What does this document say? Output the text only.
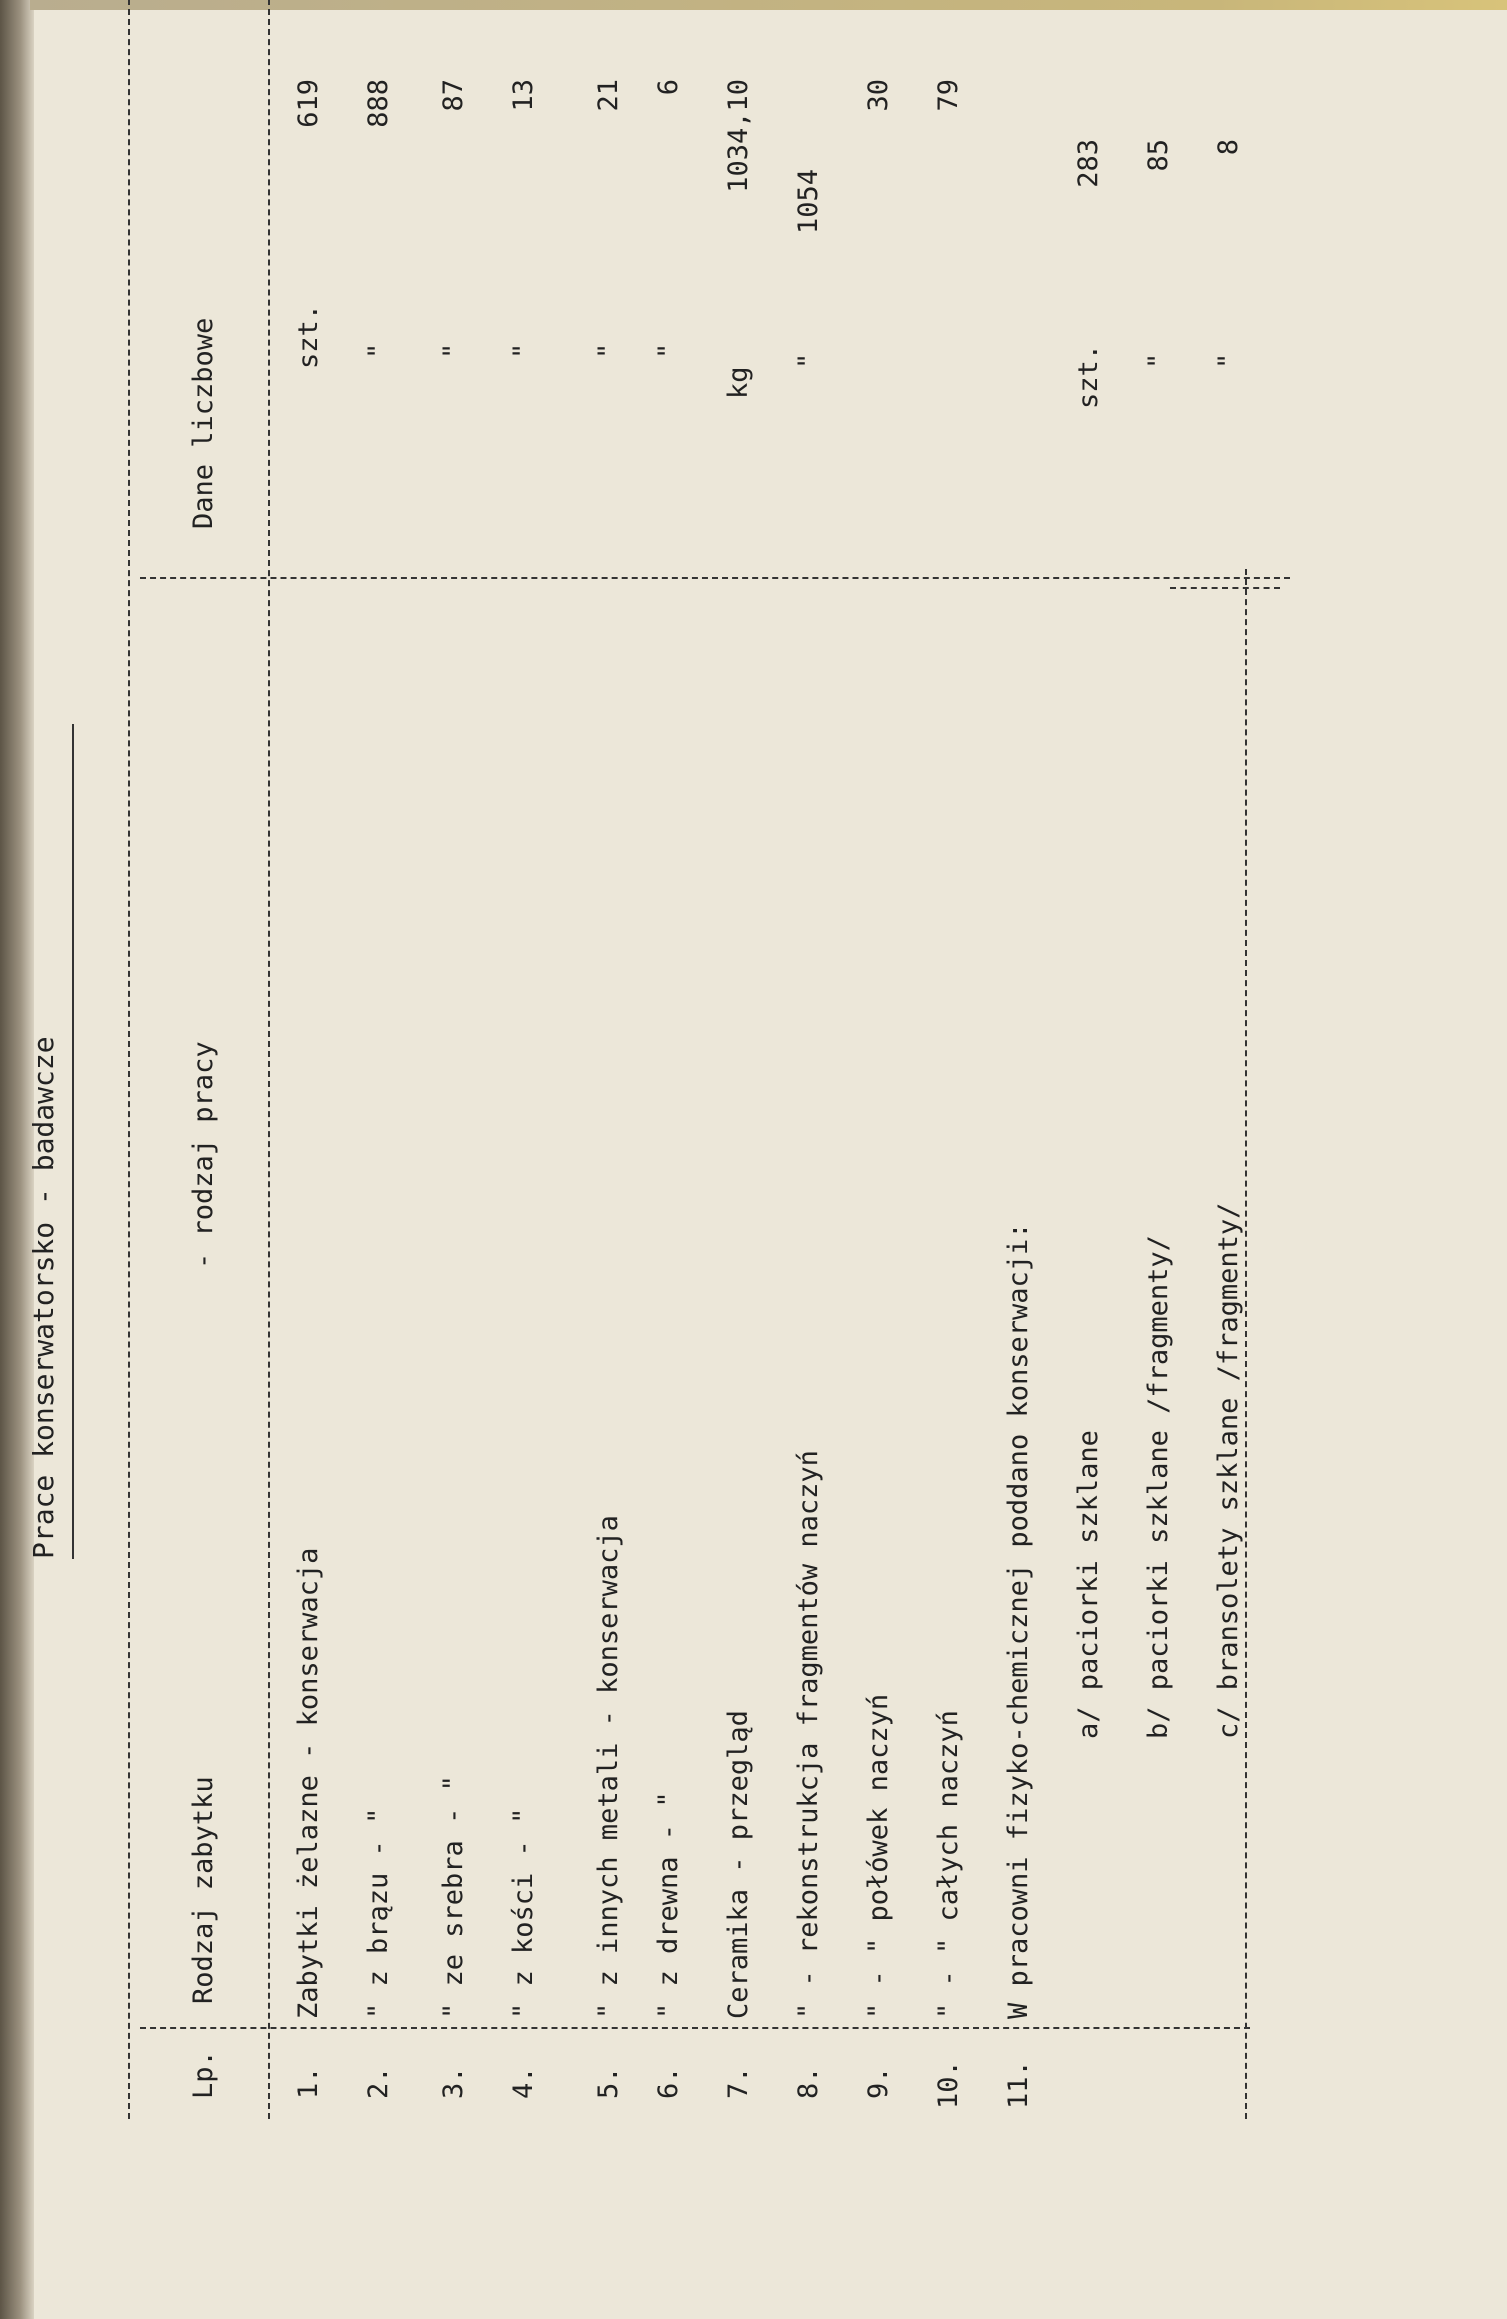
Prace konserwatorsko - badawcze
Lp.
Rodzaj zabytku
- rodzaj pracy
Dane liczbowe
1.
Zabytki żelazne - konserwacja
szt.
619
2.
" z brązu - "
"
888
3.
" ze srebra - "
"
87
4.
" z kości - "
"
13
5.
" z innych metali - konserwacja
"
21
6.
" z drewna - "
"
6
7.
Ceramika - przegląd
kg
1034,10
8.
" - rekonstrukcja fragmentów naczyń
"
1054
9.
" - " połówek naczyń
30
10.
" - " całych naczyń
79
11.
W pracowni fizyko-chemicznej poddano konserwacji: a/ paciorki szklane
szt.
283
b/ paciorki szklane /fragmenty/
"
85
c/ bransolety szklane /fragmenty/
"
8
